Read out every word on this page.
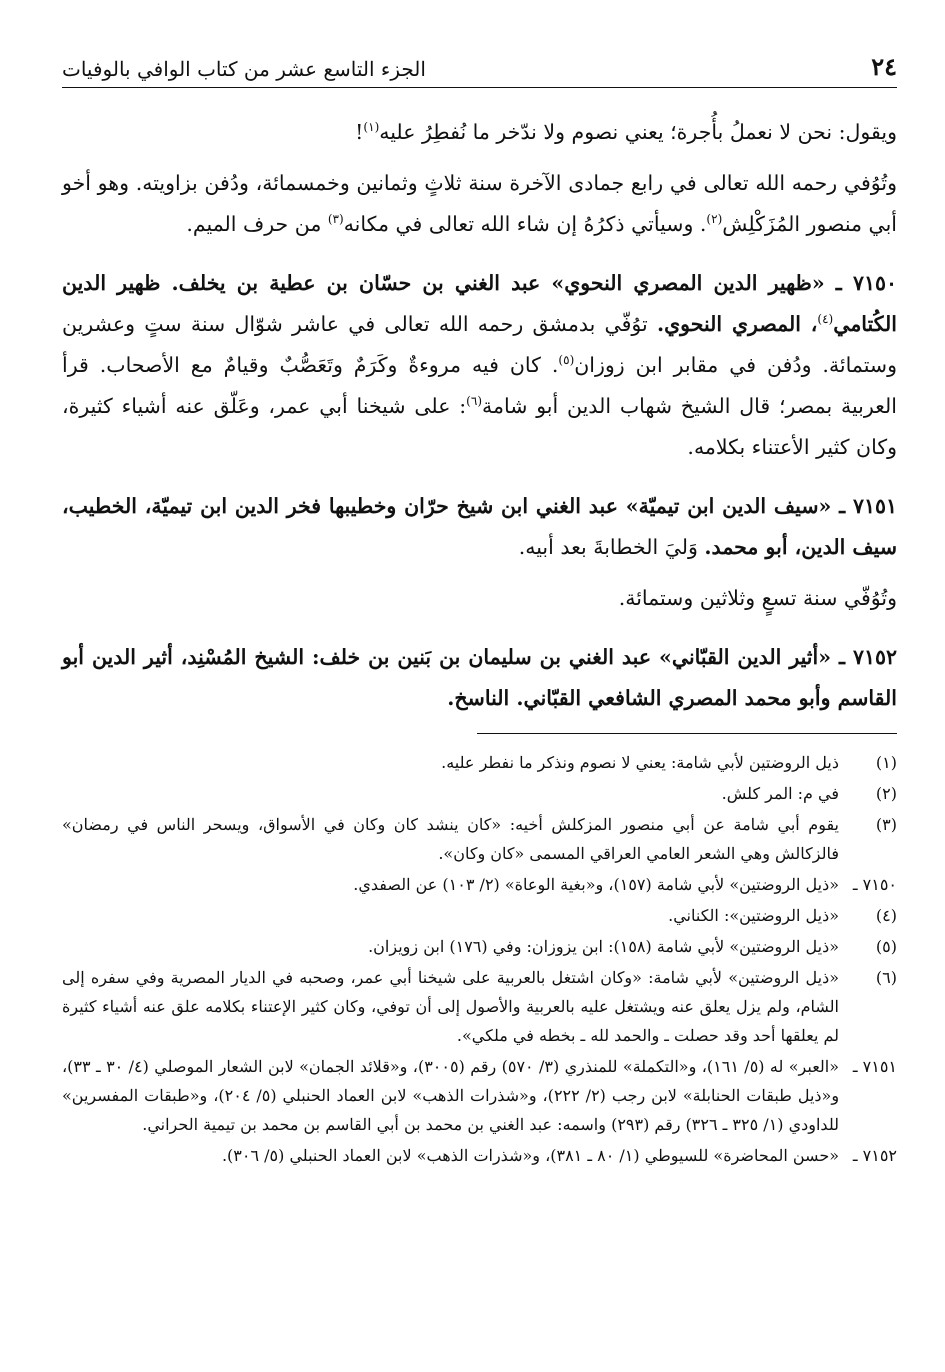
٢٤
الجزء التاسع عشر من كتاب الوافي بالوفيات

ويقول: نحن لا نعملُ بأُجرة؛ يعني نصوم ولا ندّخر ما نُفطِرُ عليه$^{(١)}$!

وتُوُفي رحمه الله تعالى في رابع جمادى الآخرة سنة ثلاثٍ وثمانين وخمسمائة، ودُفن بزاويته. وهو أخو أبي منصور المُزَكْلِش$^{(٢)}$. وسيأتي ذكرُهُ إن شاء الله تعالى في مكانه$^{(٣)}$ من حرف الميم.

٧١٥٠ ـ «ظهير الدين المصري النحوي» عبد الغني بن حسّان بن عطية بن يخلف. ظهير الدين الكُتامي$^{(٤)}$، المصري النحوي. توُفّي بدمشق رحمه الله تعالى في عاشر شوّال سنة ستٍ وعشرين وستمائة. ودُفن في مقابر ابن زوزان$^{(٥)}$. كان فيه مروءةٌ وكَرَمٌ وتَعَصُّبٌ وقيامٌ مع الأصحاب. قرأ العربية بمصر؛ قال الشيخ شهاب الدين أبو شامة$^{(٦)}$: على شيخنا أبي عمر، وعَلّق عنه أشياء كثيرة، وكان كثير الأعتناء بكلامه.

٧١٥١ ـ «سيف الدين ابن تيميّة» عبد الغني ابن شيخ حرّان وخطيبها فخر الدين ابن تيميّة، الخطيب، سيف الدين، أبو محمد. وَليَ الخطابةَ بعد أبيه.

وتُوُفّي سنة تسعٍ وثلاثين وستمائة.

٧١٥٢ ـ «أثير الدين القبّاني» عبد الغني بن سليمان بن بَنين بن خلف: الشيخ المُسْنِد، أثير الدين أبو القاسم وأبو محمد المصري الشافعي القبّاني. الناسخ.

(١)
ذيل الروضتين لأبي شامة: يعني لا نصوم ونذكر ما نفطر عليه.
(٢)
في م: المر كلش.
(٣)
يقوم أبي شامة عن أبي منصور المزكلش أخيه: «كان ينشد كان وكان في الأسواق، ويسحر الناس في رمضان» فالزكالش وهي الشعر العامي العراقي المسمى «كان وكان».
٧١٥٠ ـ
«ذيل الروضتين» لأبي شامة (١٥٧)، و«بغية الوعاة» (٢/ ١٠٣) عن الصفدي.
(٤)
«ذيل الروضتين»: الكناني.
(٥)
«ذيل الروضتين» لأبي شامة (١٥٨): ابن يزوزان: وفي (١٧٦) ابن زويزان.
(٦)
«ذيل الروضتين» لأبي شامة: «وكان اشتغل بالعربية على شيخنا أبي عمر، وصحبه في الديار المصرية وفي سفره إلى الشام، ولم يزل يعلق عنه ويشتغل عليه بالعربية والأصول إلى أن توفي، وكان كثير الإعتناء بكلامه علق عنه أشياء كثيرة لم يعلقها أحد وقد حصلت ـ والحمد لله ـ بخطه في ملكي».
٧١٥١ ـ
«العبر» له (٥/ ١٦١)، و«التكملة» للمنذري (٣/ ٥٧٠) رقم (٣٠٠٥)، و«قلائد الجمان» لابن الشعار الموصلي (٤/ ٣٠ ـ ٣٣)، و«ذيل طبقات الحنابلة» لابن رجب (٢/ ٢٢٢)، و«شذرات الذهب» لابن العماد الحنبلي (٥/ ٢٠٤)، و«طبقات المفسرين» للداودي (١/ ٣٢٥ ـ ٣٢٦) رقم (٢٩٣) واسمه: عبد الغني بن محمد بن أبي القاسم بن محمد بن تيمية الحراني.
٧١٥٢ ـ
«حسن المحاضرة» للسيوطي (١/ ٨٠ ـ ٣٨١)، و«شذرات الذهب» لابن العماد الحنبلي (٥/ ٣٠٦).
